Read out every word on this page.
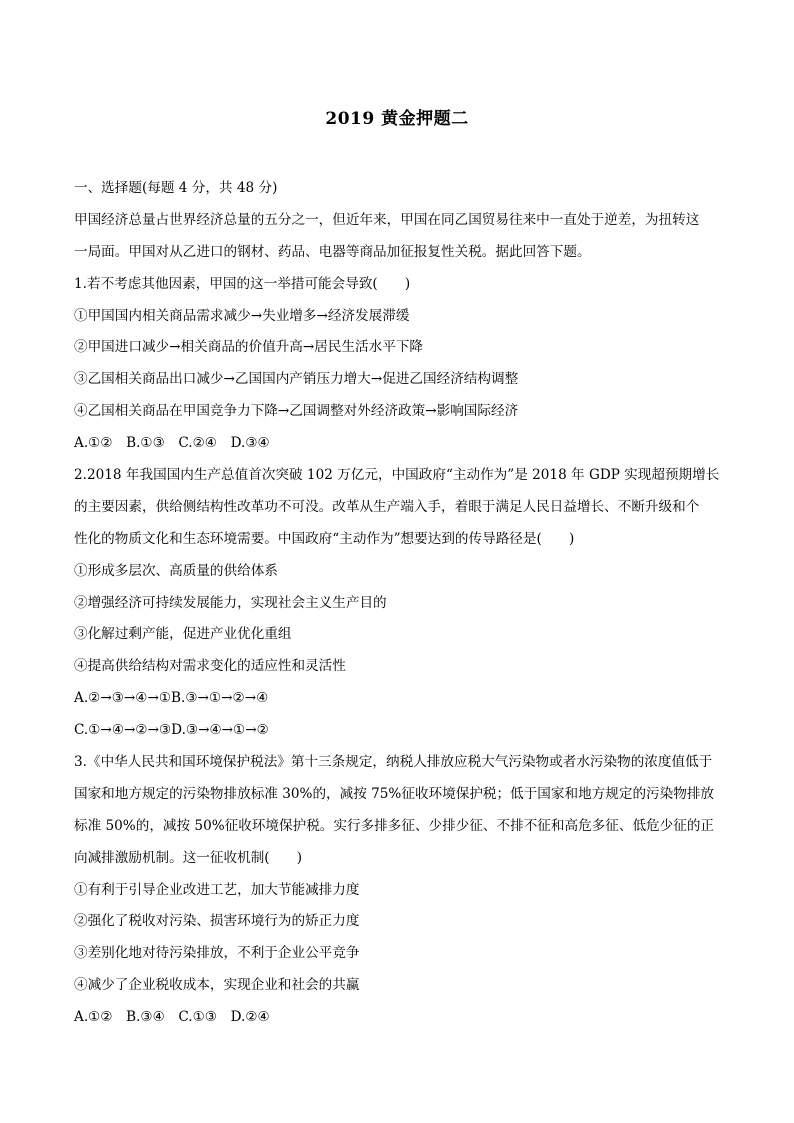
2019 黄金押题二
一、选择题(每题 4 分，共 48 分)
甲国经济总量占世界经济总量的五分之一，但近年来，甲国在同乙国贸易往来中一直处于逆差，为扭转这
一局面。甲国对从乙进口的钢材、药品、电器等商品加征报复性关税。据此回答下题。
1.若不考虑其他因素，甲国的这一举措可能会导致(　　)
①甲国国内相关商品需求减少→失业增多→经济发展滞缓
②甲国进口减少→相关商品的价值升高→居民生活水平下降
③乙国相关商品出口减少→乙国国内产销压力增大→促进乙国经济结构调整
④乙国相关商品在甲国竞争力下降→乙国调整对外经济政策→影响国际经济
A.①②　B.①③　C.②④　D.③④
2.2018 年我国国内生产总值首次突破 102 万亿元，中国政府“主动作为”是 2018 年 GDP 实现超预期增长
的主要因素，供给侧结构性改革功不可没。改革从生产端入手，着眼于满足人民日益增长、不断升级和个
性化的物质文化和生态环境需要。中国政府“主动作为”想要达到的传导路径是(　　)
①形成多层次、高质量的供给体系
②增强经济可持续发展能力，实现社会主义生产目的
③化解过剩产能，促进产业优化重组
④提高供给结构对需求变化的适应性和灵活性
A.②→③→④→①B.③→①→②→④
C.①→④→②→③D.③→④→①→②
3.《中华人民共和国环境保护税法》第十三条规定，纳税人排放应税大气污染物或者水污染物的浓度值低于
国家和地方规定的污染物排放标准 30%的，减按 75%征收环境保护税；低于国家和地方规定的污染物排放
标准 50%的，减按 50%征收环境保护税。实行多排多征、少排少征、不排不征和高危多征、低危少征的正
向减排激励机制。这一征收机制(　　)
①有利于引导企业改进工艺，加大节能减排力度
②强化了税收对污染、损害环境行为的矫正力度
③差别化地对待污染排放，不利于企业公平竞争
④减少了企业税收成本，实现企业和社会的共赢
A.①②　B.③④　C.①③　D.②④
